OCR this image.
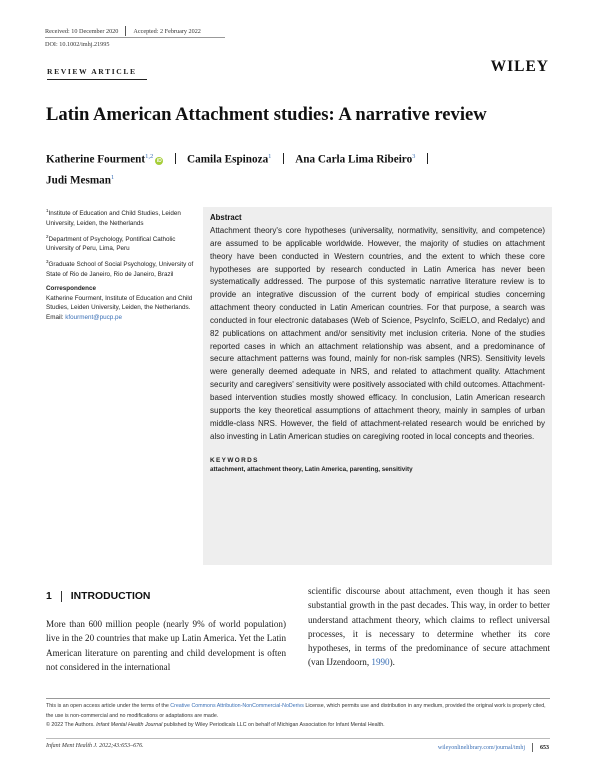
Received: 10 December 2020 Accepted: 2 February 2022
DOI: 10.1002/imhj.21995
REVIEW ARTICLE	WILEY
Latin American Attachment studies: A narrative review
Katherine Fourment$^{1,2}$iD Camila Espinoza$^1$ Ana Carla Lima Ribeiro$^3$
Judi Mesman$^1$
$^1$Institute of Education and Child Studies, Leiden University, Leiden, the Netherlands
$^2$Department of Psychology, Pontifical Catholic University of Peru, Lima, Peru
$^3$Graduate School of Social Psychology, University of State of Rio de Janeiro, Rio de Janeiro, Brazil
Correspondence
Katherine Fourment, Institute of Education and Child Studies, Leiden University, Leiden, the Netherlands.
Email: kfourment@pucp.pe
Abstract

Attachment theory's core hypotheses (universality, normativity, sensitivity, and competence) are assumed to be applicable worldwide. However, the majority of studies on attachment theory have been conducted in Western countries, and the extent to which these core hypotheses are supported by research conducted in Latin America has never been systematically addressed. The purpose of this systematic narrative literature review is to provide an integrative discussion of the current body of empirical studies concerning attachment theory conducted in Latin American countries. For that purpose, a search was conducted in four electronic databases (Web of Science, PsycInfo, SciELO, and Redalyc) and 82 publications on attachment and/or sensitivity met inclusion criteria. None of the studies reported cases in which an attachment relationship was absent, and a predominance of secure attachment patterns was found, mainly for non-risk samples (NRS). Sensitivity levels were generally deemed adequate in NRS, and related to attachment quality. Attachment security and caregivers' sensitivity were positively associated with child outcomes. Attachment-based intervention studies mostly showed efficacy. In conclusion, Latin American research supports the key theoretical assumptions of attachment theory, mainly in samples of urban middle-class NRS. However, the field of attachment-related research would be enriched by also investing in Latin American studies on caregiving rooted in local concepts and theories.

KEYWORDS
attachment, attachment theory, Latin America, parenting, sensitivity
1 INTRODUCTION

More than 600 million people (nearly 9% of world population) live in the 20 countries that make up Latin America. Yet the Latin American literature on parenting and child development is often not considered in the international

scientific discourse about attachment, even though it has seen substantial growth in the past decades. This way, in order to better understand attachment theory, which claims to reflect universal processes, it is necessary to determine whether its core hypotheses, in terms of the predominance of secure attachment (van IJzendoorn, 1990).

This is an open access article under the terms of the Creative Commons Attribution-NonCommercial-NoDerivs License, which permits use and distribution in any medium, provided the original work is properly cited, the use is non-commercial and no modifications or adaptations are made.
© 2022 The Authors. Infant Mental Health Journal published by Wiley Periodicals LLC on behalf of Michigan Association for Infant Mental Health.
Infant Ment Health J. 2022;43:653–676.	wileyonlinelibrary.com/journal/imhj	653
